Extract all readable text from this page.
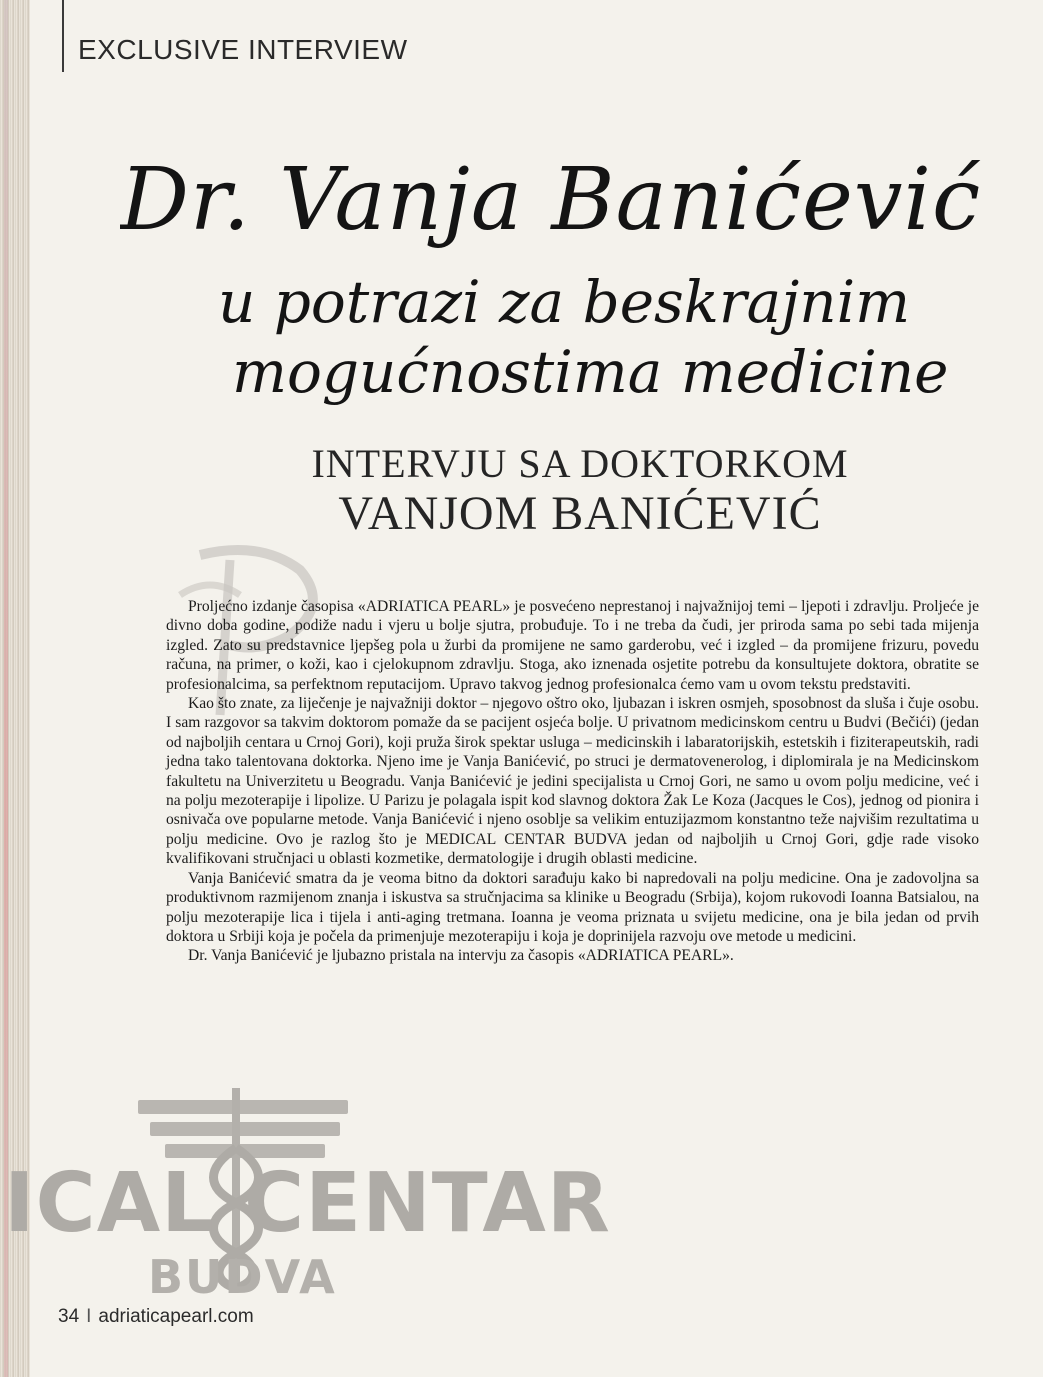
EXCLUSIVE INTERVIEW
Dr. Vanja Banićević
u potrazi za beskrajnim
mogućnostima medicine
INTERVJU SA DOKTORKOM
VANJOM BANIĆEVIĆ

Proljećno izdanje časopisa «ADRIATICA PEARL» je posvećeno neprestanoj i najvažnijoj temi – ljepoti i zdravlju. Proljeće je divno doba godine, podiže nadu i vjeru u bolje sjutra, probuđuje. To i ne treba da čudi, jer priroda sama po sebi tada mijenja izgled. Zato su predstavnice ljepšeg pola u žurbi da promijene ne samo garderobu, već i izgled – da promijene frizuru, povedu računa, na primer, o koži, kao i cjelokupnom zdravlju. Stoga, ako iznenada osjetite potrebu da konsultujete doktora, obratite se profesionalcima, sa perfektnom reputacijom. Upravo takvog jednog profesionalca ćemo vam u ovom tekstu predstaviti.

Kao što znate, za liječenje je najvažniji doktor – njegovo oštro oko, ljubazan i iskren osmjeh, sposobnost da sluša i čuje osobu. I sam razgovor sa takvim doktorom pomaže da se pacijent osjeća bolje. U privatnom medicinskom centru u Budvi (Bečići) (jedan od najboljih centara u Crnoj Gori), koji pruža širok spektar usluga – medicinskih i labaratorijskih, estetskih i fiziterapeutskih, radi jedna tako talentovana doktorka. Njeno ime je Vanja Banićević, po struci je dermatovenerolog, i diplomirala je na Medicinskom fakultetu na Univerzitetu u Beogradu. Vanja Banićević je jedini specijalista u Crnoj Gori, ne samo u ovom polju medicine, već i na polju mezoterapije i lipolize. U Parizu je polagala ispit kod slavnog doktora Žak Le Koza (Jacques le Cos), jednog od pionira i osnivača ove popularne metode. Vanja Banićević i njeno osoblje sa velikim entuzijazmom konstantno teže najvišim rezultatima u polju medicine. Ovo je razlog što je MEDICAL CENTAR BUDVA jedan od najboljih u Crnoj Gori, gdje rade visoko kvalifikovani stručnjaci u oblasti kozmetike, dermatologije i drugih oblasti medicine.

Vanja Banićević smatra da je veoma bitno da doktori sarađuju kako bi napredovali na polju medicine. Ona je zadovoljna sa produktivnom razmijenom znanja i iskustva sa stručnjacima sa klinike u Beogradu (Srbija), kojom rukovodi Ioanna Batsialou, na polju mezoterapije lica i tijela i anti-aging tretmana. Ioanna je veoma priznata u svijetu medicine, ona je bila jedan od prvih doktora u Srbiji koja je počela da primenjuje mezoterapiju i koja je doprinijela razvoju ove metode u medicini.

Dr. Vanja Banićević je ljubazno pristala na intervju za časopis «ADRIATICA PEARL».

ICAL CENTAR
BUDVA
34 I adriaticapearl.com
